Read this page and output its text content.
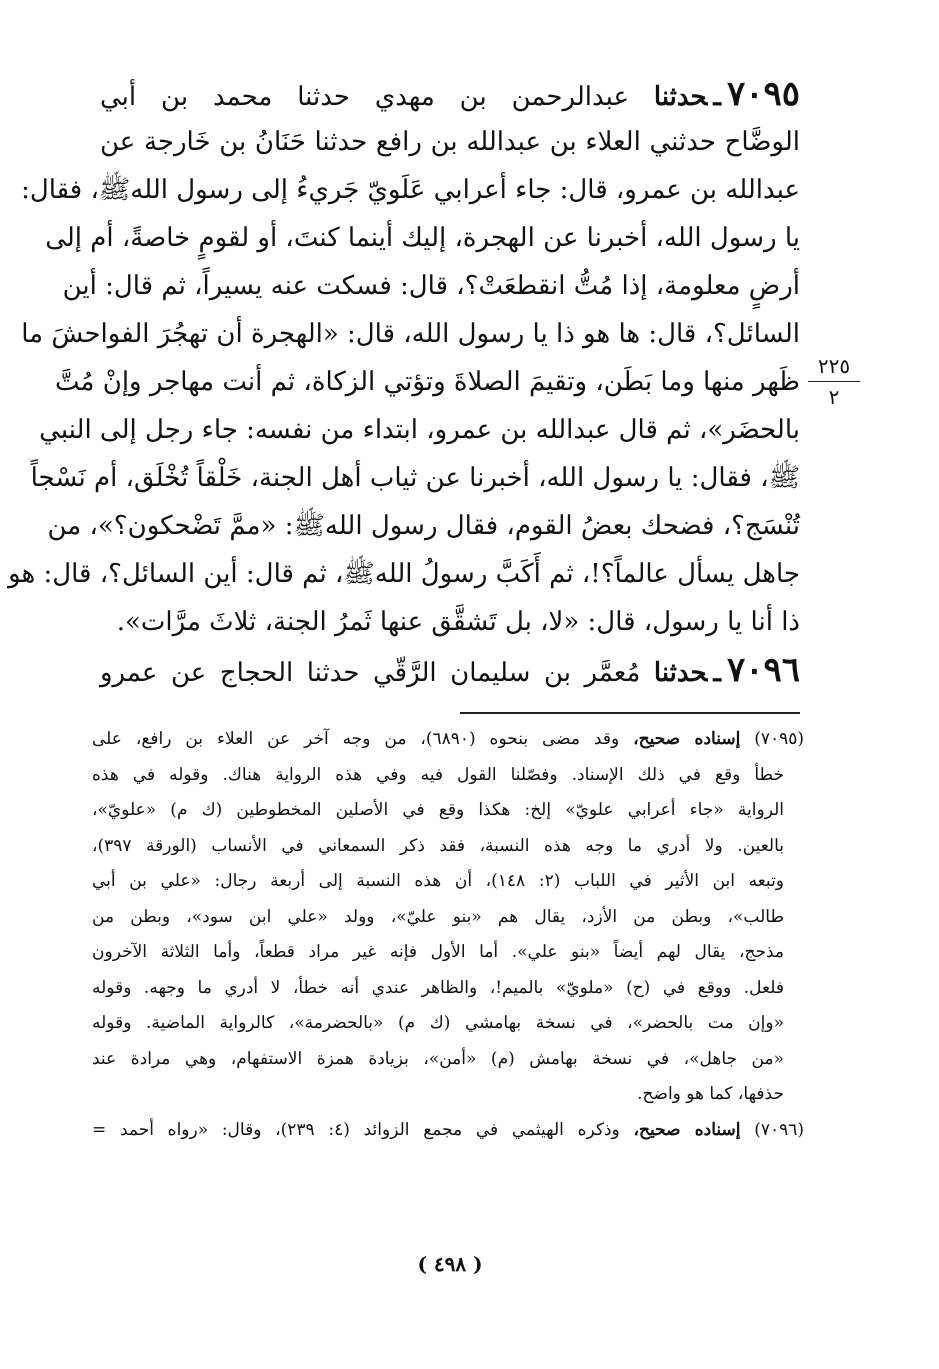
٧٠٩٥ـحدثنا عبدالرحمن بن مهدي حدثنا محمد بن أبي
الوضَّاح حدثني العلاء بن عبدالله بن رافع حدثنا حَنَانُ بن خَارجة عن
عبدالله بن عمرو، قال: جاء أعرابي عَلَويّ جَريءُ إلى رسول اللهﷺ، فقال:
يا رسول الله، أخبرنا عن الهجرة، إليك أينما كنتَ، أو لقومٍ خاصةً، أم إلى
أرضٍ معلومة، إذا مُتُّ انقطعَتْ؟، قال: فسكت عنه يسيراً، ثم قال: أين
السائل؟، قال: ها هو ذا يا رسول الله، قال: «الهجرة أن تهجُرَ الفواحشَ ما
ظَهر منها وما بَطَن، وتقيمَ الصلاةَ وتؤتي الزكاة، ثم أنت مهاجر وإنْ مُتَّ
بالحضَر»، ثم قال عبدالله بن عمرو، ابتداء من نفسه: جاء رجل إلى النبي
ﷺ، فقال: يا رسول الله، أخبرنا عن ثياب أهل الجنة، خَلْقاً تُخْلَق، أم نَسْجاً
تُنْسَج؟، فضحك بعضُ القوم، فقال رسول اللهﷺ: «ممَّ تَضْحكون؟»، من
جاهل يسأل عالماً؟!، ثم أَكَبَّ رسولُ اللهﷺ، ثم قال: أين السائل؟، قال: هو
ذا أنا يا رسول، قال: «لا، بل تَشقَّق عنها ثَمرُ الجنة، ثلاثَ مرَّات».
٧٠٩٦ـحدثنا مُعمَّر بن سليمان الرَّقّي حدثنا الحجاج عن عمرو
٢٢٥
٢
(٧٠٩٥) إسناده صحيح، وقد مضى بنحوه (٦٨٩٠)، من وجه آخر عن العلاء بن رافع، على
خطأ وقع في ذلك الإسناد. وفصّلنا القول فيه وفي هذه الرواية هناك. وقوله في هذه
الرواية «جاء أعرابي علويّ» إلخ: هكذا وقع في الأصلين المخطوطين (ك م) «علويّ»،
بالعين. ولا أدري ما وجه هذه النسبة، فقد ذكر السمعاني في الأنساب (الورقة ٣٩٧)،
وتبعه ابن الأثير في اللباب (٢: ١٤٨)، أن هذه النسبة إلى أربعة رجال: «علي بن أبي
طالب»، وبطن من الأزد، يقال هم «بنو عليّ»، وولد «علي ابن سود»، وبطن من
مذحج، يقال لهم أيضاً «بنو علي». أما الأول فإنه غير مراد قطعاً، وأما الثلاثة الآخرون
فلعل. ووقع في (ح) «ملويّ» بالميم!، والظاهر عندي أنه خطأ، لا أدري ما وجهه. وقوله
«وإن مت بالحضر»، في نسخة بهامشي (ك م) «بالحضرمة»، كالرواية الماضية. وقوله
«من جاهل»، في نسخة بهامش (م) «أمن»، بزيادة همزة الاستفهام، وهي مرادة عند
حذفها، كما هو واضح.
(٧٠٩٦) إسناده صحيح، وذكره الهيثمي في مجمع الزوائد (٤: ٢٣٩)، وقال: «رواه أحمد =
( ٤٩٨ )
